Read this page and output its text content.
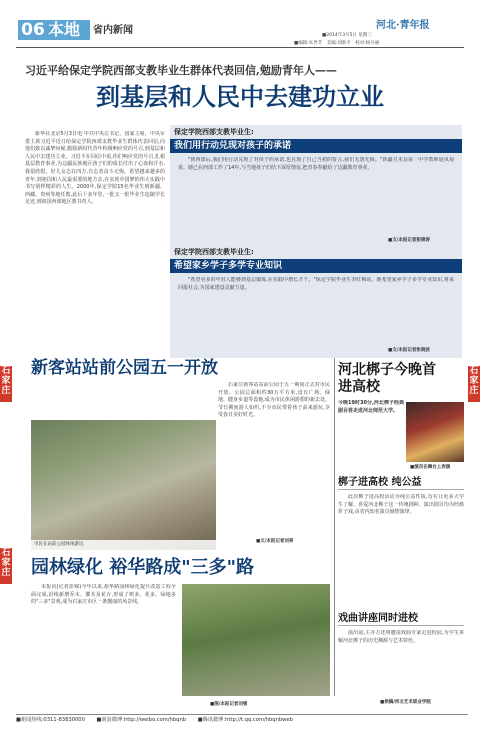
06 本地	省内新闻	河北·青年报
■2014年3月5日 星期三
■编辑:朱世芳　美编:刘新平　校对:杨丹丽
习近平给保定学院西部支教毕业生群体代表回信,勉励青年人——
到基层和人民中去建功立业
新华社北京5月3日电 中共中央总书记、国家主席、中央军委主席习近平近日给保定学院西部支教毕业生群体代表回信,向他们致以诚挚问候,勉励新时代青年积极响应党的号召,到基层和人民中去建功立业。习近平在回信中说,你们响应党的号召,扎根基层教育事业,为边疆民族地区孩子们的成长付出了心血和汗水,我很欣慰。好儿女志在四方,有志者奋斗无悔。希望越来越多的青年,到祖国和人民最需要的地方去,在实现中国梦的伟大实践中书写别样精彩的人生。2000年,保定学院15名毕业生到新疆、西藏、贵州等地任教,此后十多年里,一批又一批毕业生追随学长足迹,到祖国西部地区教书育人。
保定学院西部支教毕业生:
我们用行动兑现对孩子的承诺
"到西部后,我们用行动兑现了对孩子的承诺,也兑现了自己当初的誓言,我们无怨无悔。"新疆且末县第一中学教师庞凤菊说。她已在西部工作了14年,与当地孩子们结下深厚情谊,把青春奉献给了边疆教育事业。
■文/本报记者彭锦涛
保定学院西部支教毕业生:
希望家乡学子多学专业知识
"希望更多的年轻人能够到基层锻炼,在实践中增长才干。"保定学院毕业生李红梅说。她希望家乡学子多学专业知识,将来回报社会,为国家建设贡献力量。
■文/本报记者张晓波
石家庄
石家庄
石家庄
新客站站前公园五一开放
石家庄新客站站前公园于五一期间正式对市民开放。公园总面积约30万平方米,设有广场、绿地、健身步道等设施,成为市民休闲游憩的新去处。节日期间游人如织,不少市民带着孩子前来游玩,享受春日美好时光。
市民在站前公园休闲游玩
■文/本报记者刘亮
园林绿化 裕华路成"三多"路
本报讯(记者彭锦)今年以来,裕华路园林绿化提升改造工程全面完成,沿线新增乔木、灌木及花卉,形成了树多、花多、绿地多的"三多"景观,成为石家庄市区一条靓丽的风景线。
■图/本报记者刘强
河北梆子今晚首进高校
今晚19时30分,河北梆子经典剧目将走进河北师范大学。
■演员在舞台上表演
梆子进高校 纯公益
此次梆子进高校活动为纯公益性质,旨在让更多大学生了解、喜爱河北梆子这一传统剧种。演出剧目均为经典折子戏,由省内知名演员倾情演绎。
戏曲讲座同时进校
演出前,主办方还将邀请戏曲专家走进校园,为学生讲解河北梆子的历史渊源与艺术特色。
■供稿/河北艺术职业学院
■新闻热线:0311-83830000 ■新浪微博:http://weibo.com/hbqnb ■腾讯微博:http://t.qq.com/hbqnbweb
